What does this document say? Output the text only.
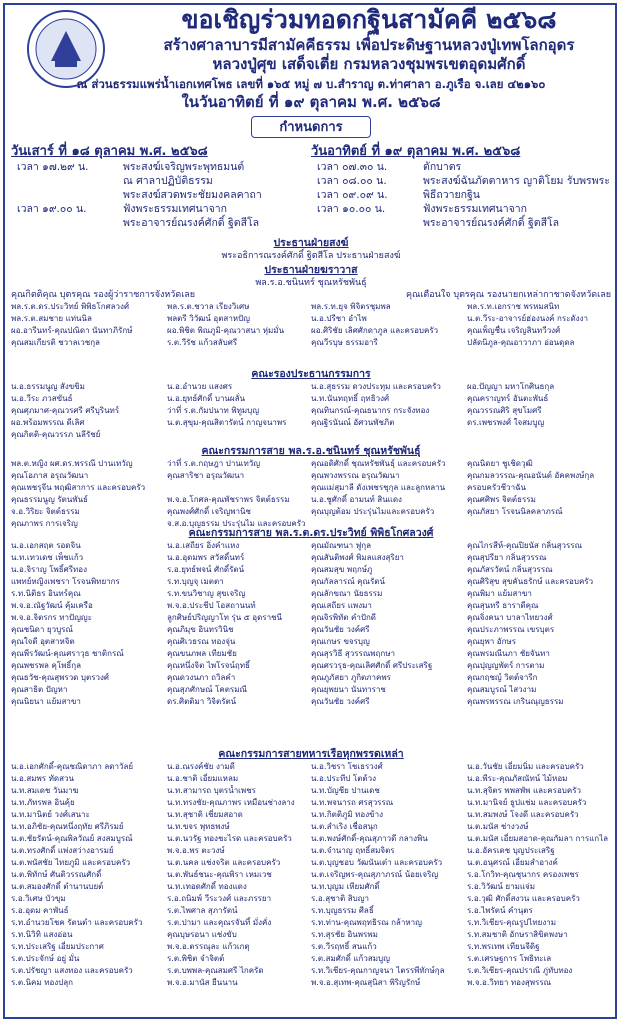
ขอเชิญร่วมทอดกฐินสามัคคี ๒๕๖๘
สร้างศาลาบารมีสามัคคีธรรม เพื่อประดิษฐานหลวงปู่เทพโลกอุดร
หลวงปู่ศุข เสด็จเตี่ย กรมหลวงชุมพรเขตอุดมศักดิ์
ณ ส่วนธรรมแพร่น้ำเอกเทศโพธ เลขที่ ๑๖๕ หมู่ ๗ บ.สำราญ ต.ท่าศาลา อ.ภูเรือ จ.เลย ๔๒๑๖๐
ในวันอาทิตย์ ที่ ๑๙ ตุลาคม พ.ศ. ๒๕๖๘
กำหนดการ
วันเสาร์ ที่ ๑๘ ตุลาคม พ.ศ. ๒๕๖๘
เวลา ๑๗.๒๙ น.	พระสงฆ์เจริญพระพุทธมนต์
ณ ศาลาปฏิบัติธรรม
พระสงฆ์สวดพระชัยมงคลคาถา
เวลา ๑๙.๐๐ น.	ฟังพระธรรมเทศนาจาก
พระอาจารย์ณรงค์ศักดิ์ ฐิตสีโล
วันอาทิตย์ ที่ ๑๙ ตุลาคม พ.ศ. ๒๕๖๘
เวลา ๐๗.๓๐ น.	ตักบาตร
เวลา ๐๘.๐๐ น.	พระสงฆ์ฉันภัตตาหาร ญาติโยม รับพรพระ
เวลา ๐๙.๐๙ น.	พิธีถวายกฐิน
เวลา ๑๐.๐๐ น.	ฟังพระธรรมเทศนาจาก
พระอาจารย์ณรงค์ศักดิ์ ฐิตสีโล
ประธานฝ่ายสงฆ์
พระอธิการณรงค์ศักดิ์ ฐิตสีโล ประธานฝ่ายสงฆ์
ประธานฝ่ายฆราวาส
พล.ร.อ.ชนินทร์ ชุณหรัชพันธุ์
คุณกิตติคุณ บุตรคุณ รองผู้ว่าราชการจังหวัดเลย	คุณเตือนใจ บุตรคุณ รองนายกเหล่ากาชาดจังหวัดเลย
พล.ร.ต.ดร.ประวิทย์ พิพิธโกศลวงศ์	พล.ร.ต.ชวาล เรียงวิเศษ	พล.ร.ท.ยุจ พิจิตรชุมพล	พล.ร.ท.เอกราช พรหมสนิท
พล.ร.ต.สมชาย แท่นนิล	พลตรี วิวัฒน์ อุตสาหปัญ	น.อ.ปรีชา อำไพ	น.ต.วีระ-อาจารย์ฮ่องนงค์ กระดังงา
ผอ.อารีนทร์-คุณปณิดา นันทาภิรักษ์	ผอ.พิชิต พิณภูมิ-คุณวาสนา หุ่มมั่น	ผอ.ศิริชัย เลิศศักดาภูล และครอบครัว	คุณเพ็ญชื่น เจริญสินทวีวงศ์
คุณสมเกียรติ ชวาลเวชกุล	ร.ต.วีรัช แก้วสลับศรี	คุณวีรบุษ ธรรมอารี	ปลัดนิภูล-คุณอาวาภา อ่อนดุดล
คณะรองประธานกรรมการ
น.อ.ธรรมนูญ สังขขิม	น.อ.อำนวย แสงศร	น.อ.สุธรรม ดวงประทุม และครอบครัว	ผอ.ปัญญา มหาโกศินธกุล
น.อ.วีระ ภวสขันธ์	น.อ.ยุทธ์ศักดิ์ บานผลั่น	น.ท.นันทฤทธิ์ ฤทธิวงศ์	คุณคราญทร์ อันตะพันธ์
คุณศุภมาศ-คุณวรศรี ศรีบุรินทร์	ว่าที่ ร.ต.กัมปนาท พิทูมบุญ	คุณทินกรณ์-คุณธนากร กระจังทอง	คุณวรรณศิริ สุขโมศรี
ผอ.พร้อมพรรณ ดีเลิศ	น.ต.สุขุม-คุณสิตารัตน์ กาญจนาพร	คุณฐิรนันณ์ อัศวนพัชภิต	ดร.เพชรพงศ์ ใจสมบูญ
คุณกิตติ-คุณวรรภ นลีรัชย์
คณะกรรมการสาย พล.ร.อ.ชนินทร์ ชุณหรัชพันธุ์
พล.ต.หญิง ผศ.ดร.พรรณี ปานเทวัญ	ว่าที่ ร.ต.กฤษฎา ปานเทวัญ	คุณอดิศักดิ์ ชุณหรัชพันธุ์ และครอบครัว	คุณนิดยา ชูเชิดวุฒิ
คุณโอภาส อรุณวัฒนา	คุณสาริชา อรุณวัฒนา	คุณพวงพรรณ อรุณวัฒนา	คุณกมลวรรณ-คุณอนันต์ อัคคพงษ์กุล
คุณเพชรุจีน พฤฒิสาการ และครอบครัว	คุณแม่สุมาลี ดังเพชรชุกุล และลูกหลาน	ครอบครัวชีวาฉัน
คุณธรรมนูญ รัตนพันธ์	พ.จ.อ.โกศล-คุณพัชราพร จิตต์ธรรม	น.อ.ชูศักดิ์ อามนท์ สินแดง	คุณศศิพร จิตต์ธรรม
จ.อ.วิริยะ จิตต์ธรรม	คุณพงศ์ศักดิ์ เจริญพานิช	คุณบุญต้อม ประรุ่นไมและครอบครัว	คุณภัสยา โรจนนิลคลาภรณ์
คุณภาพร การเจริญ	จ.ส.อ.บุญธรรม ประรุ่นไม และครอบครัว
คณะกรรมการสาย พล.ร.ต.ดร.ประวิทย์ พิพิธโกศลวงศ์
น.อ.เอกสฤต รอดจิน	น.อ.เสถียร อิ่งคำแหง	คุณมัณฑนา ฟูกุล	คุณไกรสีห์-คุณปิยนัส กลิ่นสุวรรณ
น.ท.เทวเดช เพ็ชแก้ว	น.อ.อุดมพร สวัสดิ์นทร์	คุณสันติพงศ์ พิมลแสงสุริยา	คุณสุปรียา กลิ่นสุวรรณ
น.อ.จิราญ โพธิ์ศรีทอง	ร.อ.ยุทธ์พจน์ ศักดิ์รัตน์	คุณสมสุข พฤกษ์ภู	คุณภัสรวัตน์ กลิ่นสุวรรณ
แพทย์หญิงเพชรา โรจนพิทยากร	ร.ท.บุญจุ เมตตา	คุณกัลลารณ์ คุณรัตน์	คุณศิริสุข สุขคันธรักษ์ และครอบครัว
ร.ท.นิติธร อินทร์คุณ	ร.ท.ขนวิชาญ สุขเจริญ	คุณลักขณา นัยธรรม	คุณพิมา แย้มสาขา
พ.จ.อ.ณัฐวัฒน์ คุ้มเครือ	พ.จ.อ.ประชีป โอสถานนท์	คุณเสถียร แพงมา	คุณสุนทรี ธาราดีคุณ
พ.จ.อ.จิตรกร ทาปัญญะ	ลูกศิษย์ปริญญาโท รุ่น ๕ อุดราชนี	คุณจิรพิทัต คำปักดี	คุณจิ่งคนา บาลาไทยวงศ์
คุณชนิดา ยุวบูรณ์	คุณภิมุข อินทรวินิช	คุณวันชัย วงค์ศรี	คุณประภาพรรณ เขรบุตร
คุณใจดี อุตสาหจิต	คุณศิเวธรณ ทองจุ่น	คุณเกษร ขจรบุญ	คุณยุพา อักษร
คุณพีรวัฒน์-คุณศราวุธ ชาติกรณ์	คุณขนภพล เทียมชัย	คุณสุรวิธี สุวรรณพฤกษา	คุณพรมณีนภา ชัยจันทา
คุณพชรพล คุโพธิ์กุล	คุณหนึ่งจิต ไพโรจน์ฤทธิ์	คุณศรวรุธ-คุณเลิศศักดิ์ ศรีประเสริฐ	คุณปุญญพัตร์ การตาม
คุณธวัช-คุณสุพรวด บุตรวงศ์	คุณดวงนภา ถวิลคำ	คุณภูภัสยา ภูกิตภาคพร	คุณกฤชญ์ วิตต์จารีก
คุณสาธิต ปัญหา	คุณสุภศักษณ์ โคตรมณี	คุณยุพยนา นันทาราช	คุณสมบูรณ์ ไสวงาม
คุณนิยนา แย้มสาขา	ดร.ศิตติมา วิจิตรัตน์	คุณวันชัย วงค์ศรี	คุณพรพรรณ เกรินณุญธรรม
คณะกรรมการสายทหารเรือหุกพรรดเหล่า
น.อ.เอกศักดิ์-คุณชณิดาภา ลดาวัลย์	น.อ.ณรงค์ชัย งามดี	น.อ.วิชรา โชเธรวงศ์	น.อ.วันชัย เอี่ยมนิ่ม และครอบครัว
น.อ.สมพร ทัดสวน	น.อ.ชาติ เอี่ยมแหลม	น.อ.ประทีป โตต้วง	น.อ.พีระ-คุณภัสณัทน์ ไม้หอม
น.ท.สมเดช วันมาฆ	น.ท.สามารถ บุตรน้ำเพชร	น.ท.บัญชีย ปานเดช	น.ท.สุจิตร พพสพัพ และครอบครัว
น.ท.ภัทรพล อินคุ้ย	น.ท.ทรงชัย-คุณภาพร เหมือนช่างลาง	น.ท.พจนารถ ศรสุวรรณ	น.ท.มานิจย์ ธูปแช่ม และครอบครัว
น.ท.มานิตย์ วงศ์เสนาะ	น.ท.สุชาติ เชี่ยมสอาด	น.ท.กิตติภูมิ ทองข้าง	น.ท.สมพงษ์ โจงดี และครอบครัว
น.ท.อภิชัย-คุณหนึ่งฤทัย ศรีภิรมย์	น.ท.ขจร พุทธพงษ์	น.ต.สำเริง เชื่อสนุก	น.ต.มนัส ช่างวงษ์
น.ต.ชัยรัตน์-คุณพิลวัณย์ สงสมบูรณ์	น.ต.นวรัฐ ทองชะไรด และครอบครัว	น.ต.พงษ์ศักดิ์-คุณสุภาวดี กลางพิน	น.ต.มนัส เอี่ยมสอาด-คุณกัมลา การแกไล
น.ต.ทรงศักดิ์ แพ่งสว่างอารมย์	พ.จ.อ.พร ตะวงษ์	น.ต.จำนาญ ฤทธิ์สมจิตร	น.อ.อัครเดช บุญประเสริฐ
น.ต.พนัสชัย ไทยภูมิ และครอบครัว	น.ต.นคล แช่งจริต และครอบครัว	น.ต.บุญชอบ วัฒนันเต๋า และครอบครัว	น.ต.อนุศรณ์ เอี่ยมสำอางค์
น.ต.พิทักษ์ ศันติวรรณศักดิ์	น.ต.พันธ์ชนะ-คุณพิรา เหมเวช	น.ต.เจริญพร-คุณสุภาภรณ์ น้อยเจริญ	ร.อ.โกวิท-คุณชุนากร ครองเพชร
น.ต.สมองศักดิ์ ตำนานบยต์	น.ท.เทอดศักดิ์ ทองแดง	น.ท.บุญม เหียมศักดิ์	ร.อ.วิวัฒน์ ยามแจ่ม
ร.อ.วิเศษ บัวขุม	ร.อ.ถนิมพ์ วีระวงศ์ และภรรยา	ร.อ.สุชาติ สิบญา	ร.อ.วุฒิ ศักดิ์สงวน และครอบครัว
ร.อ.อุดม คาพันธ์	ร.ต.ไพศาล สุภารัตน์	ร.ท.บุญธรรม ศีลธิ์	ร.อ.ไพรัตน์ คำนุตร
ร.ท.อำนวยโชค รัตนตำ และครอบครัว	ร.ต.ปามา และคุณรจันทิ์ มั่งคั่ง	ร.ท.ท่าน-คุณพฤทธิรณ กล้าหาญ	ร.ท.วิเชียร-คุณรูปไทยงาม
ร.ท.นิวิทิ แสงอ่อน	คุณบุษรอนา แช่งขับ	ร.ท.สุรชัย อินพรพม	ร.ท.สมชาติ อักษราสิขิตพงษา
ร.ท.ประเสริฐ เอี่ยมประกาศ	พ.จ.อ.ตรรณุละ แก้วเกตุ	ร.ต.วีรฤทธิ์ สนแก้ว	ร.ท.พรเทพ เทียนจีดิฐ
ร.ต.ประจักษ์ อยู่ มั่น	ร.ต.พิชิต จำจิตต์	ร.ต.สมศักดิ์ แก้วสมบูญ	ร.ต.เศรษฐการ โพธิทะเล
ร.ต.ปรัชญา แสงทอง และครอบครัว	ร.ต.บพพล-คุณสมศรี ไกครัด	ร.ท.วิเชียร-คุณกาญจนา ไตรรพีทักษ์กุล	ร.ต.วิเชียร-คุณปราณี ภู่ทับทอง
ร.ต.นิคม ทองปลุก	พ.จ.อ.มานัส ยืนนาน	พ.จ.อ.สุเทพ-คุณสุนิสา พิริญรักษ์	พ.จ.อ.วิทยา ทองสุพรรณ
